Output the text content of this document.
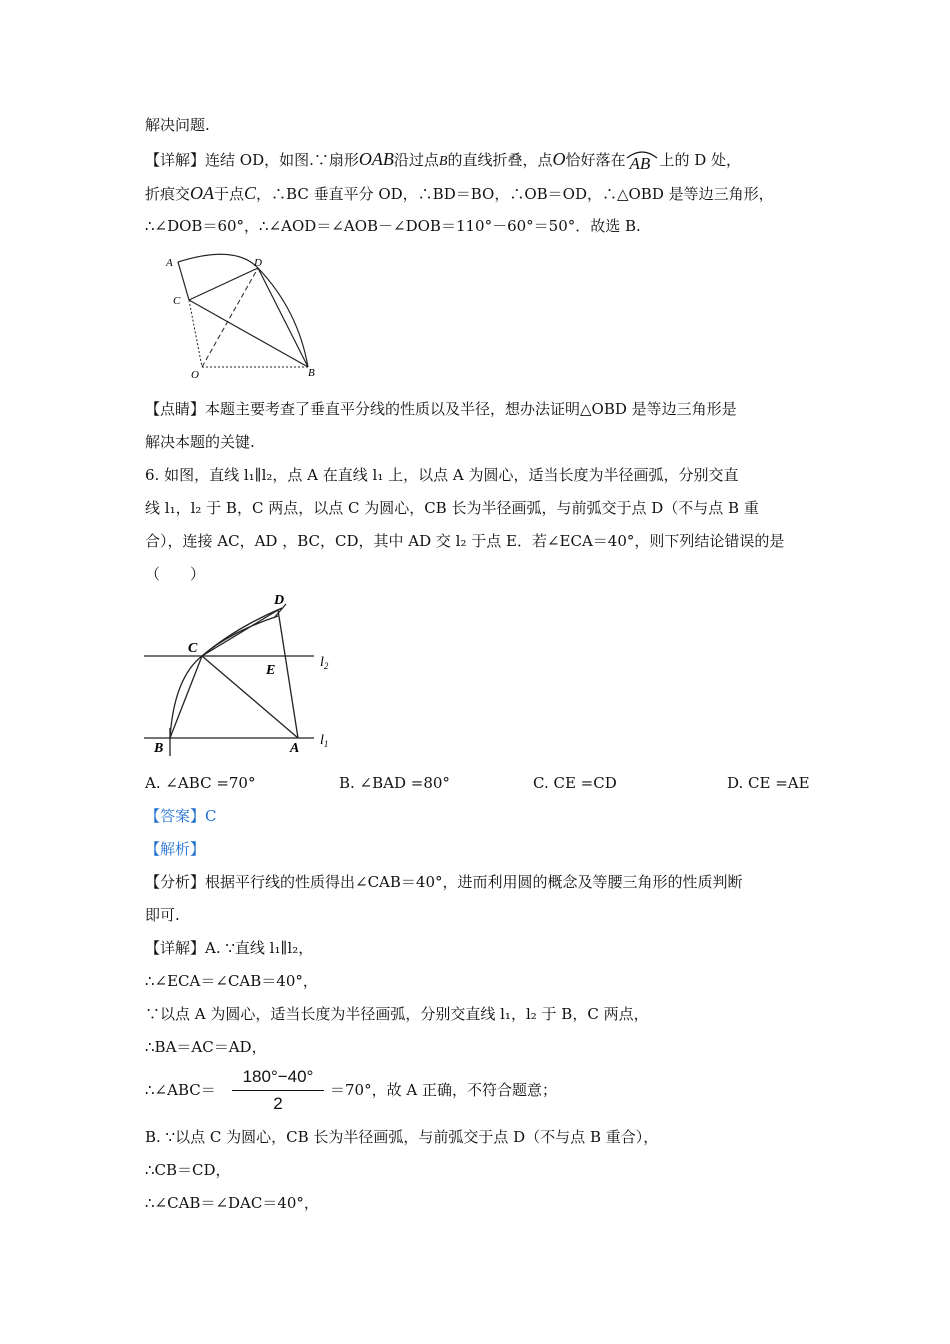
解决问题.
【详解】连结 OD，如图.∵扇形OAB沿过点B的直线折叠，点O恰好落在 AB 上的 D 处，
折痕交OA于点C，∴BC 垂直平分 OD，∴BD＝BO，∴OB＝OD，∴△OBD 是等边三角形，
∴∠DOB＝60°，∴∠AOD＝∠AOB－∠DOB＝110°－60°＝50°．故选 B.
A	D
C
O	B
【点睛】本题主要考查了垂直平分线的性质以及半径，想办法证明△OBD 是等边三角形是
解决本题的关键.
6. 如图，直线 l₁∥l₂，点 A 在直线 l₁ 上，以点 A 为圆心，适当长度为半径画弧，分别交直
线 l₁，l₂ 于 B，C 两点，以点 C 为圆心，CB 长为半径画弧，与前弧交于点 D（不与点 B 重
合），连接 AC，AD ，BC，CD，其中 AD 交 l₂ 于点 E．若∠ECA＝40°，则下列结论错误的是
（　　）
D
C
E
$l_2$
$l_1$
B	A
A. ∠ABC =70°	B. ∠BAD =80°	C. CE =CD	D. CE =AE
【答案】C
【解析】
【分析】根据平行线的性质得出∠CAB＝40°，进而利用圆的概念及等腰三角形的性质判断
即可.
【详解】A. ∵直线 l₁∥l₂，
∴∠ECA＝∠CAB＝40°，
∵以点 A 为圆心，适当长度为半径画弧，分别交直线 l₁，l₂ 于 B，C 两点，
∴BA＝AC＝AD，
∴∠ABC＝
180°−40°
2
＝70°，故 A 正确，不符合题意；
B. ∵以点 C 为圆心，CB 长为半径画弧，与前弧交于点 D（不与点 B 重合），
∴CB＝CD，
∴∠CAB＝∠DAC＝40°，
